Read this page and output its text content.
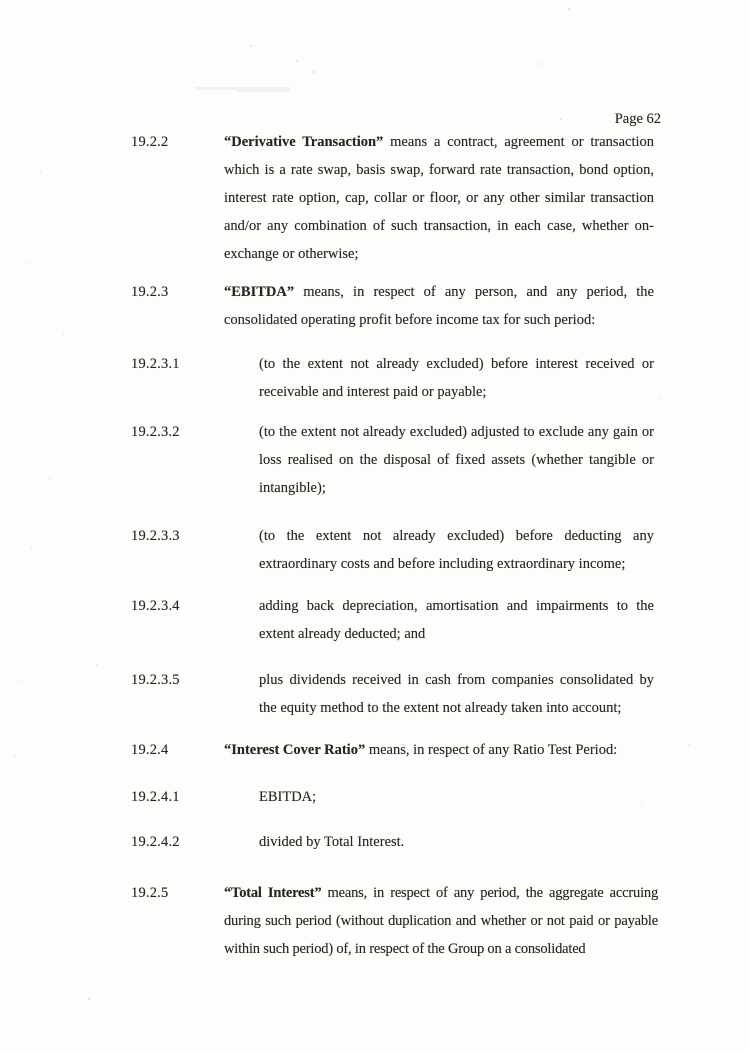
Page 62
19.2.2	“Derivative Transaction” means a contract, agreement or transaction which is a rate swap, basis swap, forward rate transaction, bond option, interest rate option, cap, collar or floor, or any other similar transaction and/or any combination of such transaction, in each case, whether on-exchange or otherwise;
19.2.3	“EBITDA” means, in respect of any person, and any period, the consolidated operating profit before income tax for such period:
19.2.3.1	(to the extent not already excluded) before interest received or receivable and interest paid or payable;
19.2.3.2	(to the extent not already excluded) adjusted to exclude any gain or loss realised on the disposal of fixed assets (whether tangible or intangible);
19.2.3.3	(to the extent not already excluded) before deducting any extraordinary costs and before including extraordinary income;
19.2.3.4	adding back depreciation, amortisation and impairments to the extent already deducted; and
19.2.3.5	plus dividends received in cash from companies consolidated by the equity method to the extent not already taken into account;
19.2.4	“Interest Cover Ratio” means, in respect of any Ratio Test Period:
19.2.4.1	EBITDA;
19.2.4.2	divided by Total Interest.
19.2.5	“Total Interest” means, in respect of any period, the aggregate accruing during such period (without duplication and whether or not paid or payable within such period) of, in respect of the Group on a consolidated
